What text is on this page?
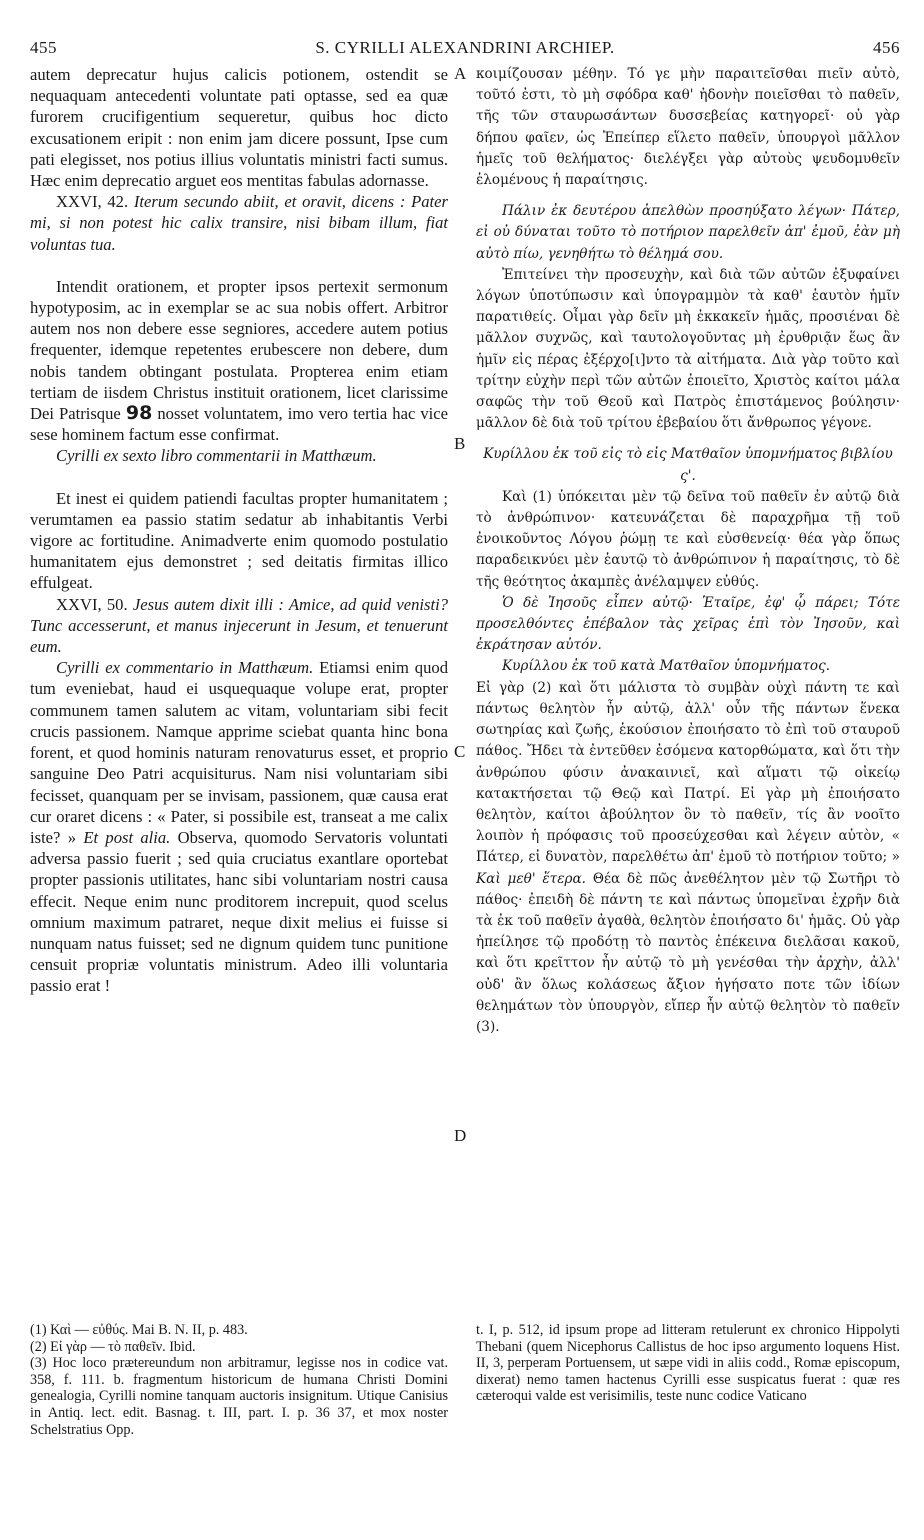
455	S. CYRILLI ALEXANDRINI ARCHIEP.	456
A
B
C
D

autem deprecatur hujus calicis potionem, ostendit se nequaquam antecedenti voluntate pati optasse, sed ea quæ furorem crucifigentium sequeretur, quibus hoc dicto excusationem eripit : non enim jam dicere possunt, Ipse cum pati elegisset, nos potius illius voluntatis ministri facti sumus. Hæc enim deprecatio arguet eos mentitas fabulas adornasse.

XXVI, 42. Iterum secundo abiit, et oravit, dicens : Pater mi, si non potest hic calix transire, nisi bibam illum, fiat voluntas tua.

Intendit orationem, et propter ipsos pertexit sermonum hypotyposim, ac in exemplar se ac sua nobis offert. Arbitror autem nos non debere esse segniores, accedere autem potius frequenter, idemque repetentes erubescere non debere, dum nobis tandem obtingant postulata. Propterea enim etiam tertiam de iisdem Christus instituit orationem, licet clarissime Dei Patrisque 98 nosset voluntatem, imo vero tertia hac vice sese hominem factum esse confirmat.

Cyrilli ex sexto libro commentarii in Matthæum.

Et inest ei quidem patiendi facultas propter humanitatem ; verumtamen ea passio statim sedatur ab inhabitantis Verbi vigore ac fortitudine. Animadverte enim quomodo postulatio humanitatem ejus demonstret ; sed deitatis firmitas illico effulgeat.

XXVI, 50. Jesus autem dixit illi : Amice, ad quid venisti? Tunc accesserunt, et manus injecerunt in Jesum, et tenuerunt eum.

Cyrilli ex commentario in Matthæum. Etiamsi enim quod tum eveniebat, haud ei usquequaque volupe erat, propter communem tamen salutem ac vitam, voluntariam sibi fecit crucis passionem. Namque apprime sciebat quanta hinc bona forent, et quod hominis naturam renovaturus esset, et proprio sanguine Deo Patri acquisiturus. Nam nisi voluntariam sibi fecisset, quanquam per se invisam, passionem, quæ causa erat cur oraret dicens : « Pater, si possibile est, transeat a me calix iste? » Et post alia. Observa, quomodo Servatoris voluntati adversa passio fuerit ; sed quia cruciatus exantlare oportebat propter passionis utilitates, hanc sibi voluntariam nostri causa effecit. Neque enim nunc proditorem increpuit, quod scelus omnium maximum patraret, neque dixit melius ei fuisse si nunquam natus fuisset; sed ne dignum quidem tunc punitione censuit propriæ voluntatis ministrum. Adeo illi voluntaria passio erat !

κοιμίζουσαν μέθην. Τό γε μὴν παραιτεῖσθαι πιεῖν αὐτὸ, τοῦτό ἐστι, τὸ μὴ σφόδρα καθ' ἡδονὴν ποιεῖσθαι τὸ παθεῖν, τῆς τῶν σταυρωσάντων δυσσεβείας κατηγορεῖ· οὐ γὰρ δήπου φαῖεν, ὡς Ἐπείπερ εἵλετο παθεῖν, ὑπουργοὶ μᾶλλον ἡμεῖς τοῦ θελήματος· διελέγξει γὰρ αὐτοὺς ψευδομυθεῖν ἑλομένους ἡ παραίτησις.

Πάλιν ἐκ δευτέρου ἀπελθὼν προσηύξατο λέγων· Πάτερ, εἰ οὐ δύναται τοῦτο τὸ ποτήριον παρελθεῖν ἀπ' ἐμοῦ, ἐὰν μὴ αὐτὸ πίω, γενηθήτω τὸ θέλημά σου.

Ἐπιτείνει τὴν προσευχὴν, καὶ διὰ τῶν αὐτῶν ἐξυφαίνει λόγων ὑποτύπωσιν καὶ ὑπογραμμὸν τὰ καθ' ἑαυτὸν ἡμῖν παρατιθείς. Οἶμαι γὰρ δεῖν μὴ ἐκκακεῖν ἡμᾶς, προσιέναι δὲ μᾶλλον συχνῶς, καὶ ταυτολογοῦντας μὴ ἐρυθριᾷν ἕως ἂν ἡμῖν εἰς πέρας ἐξέρχο[ι]ντο τὰ αἰτήματα. Διὰ γὰρ τοῦτο καὶ τρίτην εὐχὴν περὶ τῶν αὐτῶν ἐποιεῖτο, Χριστὸς καίτοι μάλα σαφῶς τὴν τοῦ Θεοῦ καὶ Πατρὸς ἐπιστάμενος βούλησιν· μᾶλλον δὲ διὰ τοῦ τρίτου ἐβεβαίου ὅτι ἄνθρωπος γέγονε.

Κυρίλλου ἐκ τοῦ εἰς τὸ εἰς Ματθαῖον ὑπομνήματος βιβλίου ς'.

Καὶ (1) ὑπόκειται μὲν τῷ δεῖνα τοῦ παθεῖν ἐν αὐτῷ διὰ τὸ ἀνθρώπινον· κατευνάζεται δὲ παραχρῆμα τῇ τοῦ ἐνοικοῦντος Λόγου ῥώμῃ τε καὶ εὐσθενείᾳ· θέα γὰρ ὅπως παραδεικνύει μὲν ἑαυτῷ τὸ ἀνθρώπινον ἡ παραίτησις, τὸ δὲ τῆς θεότητος ἀκαμπὲς ἀνέλαμψεν εὐθύς.

Ὁ δὲ Ἰησοῦς εἶπεν αὐτῷ· Ἑταῖρε, ἐφ' ᾧ πάρει; Τότε προσελθόντες ἐπέβαλον τὰς χεῖρας ἐπὶ τὸν Ἰησοῦν, καὶ ἐκράτησαν αὐτόν.

Κυρίλλου ἐκ τοῦ κατὰ Ματθαῖον ὑπομνήματος.

Εἰ γὰρ (2) καὶ ὅτι μάλιστα τὸ συμβὰν οὐχὶ πάντη τε καὶ πάντως θελητὸν ἦν αὐτῷ, ἀλλ' οὖν τῆς πάντων ἕνεκα σωτηρίας καὶ ζωῆς, ἑκούσιον ἐποιήσατο τὸ ἐπὶ τοῦ σταυροῦ πάθος. Ἤδει τὰ ἐντεῦθεν ἐσόμενα κατορθώματα, καὶ ὅτι τὴν ἀνθρώπου φύσιν ἀνακαινιεῖ, καὶ αἵματι τῷ οἰκείῳ κατακτήσεται τῷ Θεῷ καὶ Πατρί. Εἰ γὰρ μὴ ἐποιήσατο θελητὸν, καίτοι ἀβούλητον ὂν τὸ παθεῖν, τίς ἂν νοοῖτο λοιπὸν ἡ πρόφασις τοῦ προσεύχεσθαι καὶ λέγειν αὐτὸν, « Πάτερ, εἰ δυνατὸν, παρελθέτω ἀπ' ἐμοῦ τὸ ποτήριον τοῦτο; » Καὶ μεθ' ἕτερα. Θέα δὲ πῶς ἀνεθέλητον μὲν τῷ Σωτῆρι τὸ πάθος· ἐπειδὴ δὲ πάντη τε καὶ πάντως ὑπομεῖναι ἐχρῆν διὰ τὰ ἐκ τοῦ παθεῖν ἀγαθὰ, θελητὸν ἐποιήσατο δι' ἡμᾶς. Οὐ γὰρ ἠπείλησε τῷ προδότῃ τὸ παντὸς ἐπέκεινα διελᾶσαι κακοῦ, καὶ ὅτι κρεῖττον ἦν αὐτῷ τὸ μὴ γενέσθαι τὴν ἀρχὴν, ἀλλ' οὐδ' ἂν ὅλως κολάσεως ἄξιον ἡγήσατο ποτε τῶν ἰδίων θελημάτων τὸν ὑπουργὸν, εἴπερ ἦν αὐτῷ θελητὸν τὸ παθεῖν (3).

(1) Καὶ — εὐθύς. Mai B. N. II, p. 483.

(2) Εἰ γὰρ — τὸ παθεῖν. Ibid.

(3) Hoc loco prætereundum non arbitramur, legisse nos in codice vat. 358, f. 111. b. fragmentum historicum de humana Christi Domini genealogia, Cyrilli nomine tanquam auctoris insignitum. Utique Canisius in Antiq. lect. edit. Basnag. t. III, part. I. p. 36 37, et mox noster Schelstratius Opp.

t. I, p. 512, id ipsum prope ad litteram retulerunt ex chronico Hippolyti Thebani (quem Nicephorus Callistus de hoc ipso argumento loquens Hist. II, 3, perperam Portuensem, ut sæpe vidi in aliis codd., Romæ episcopum, dixerat) nemo tamen hactenus Cyrilli esse suspicatus fuerat : quæ res cæteroqui valde est verisimilis, teste nunc codice Vaticano
